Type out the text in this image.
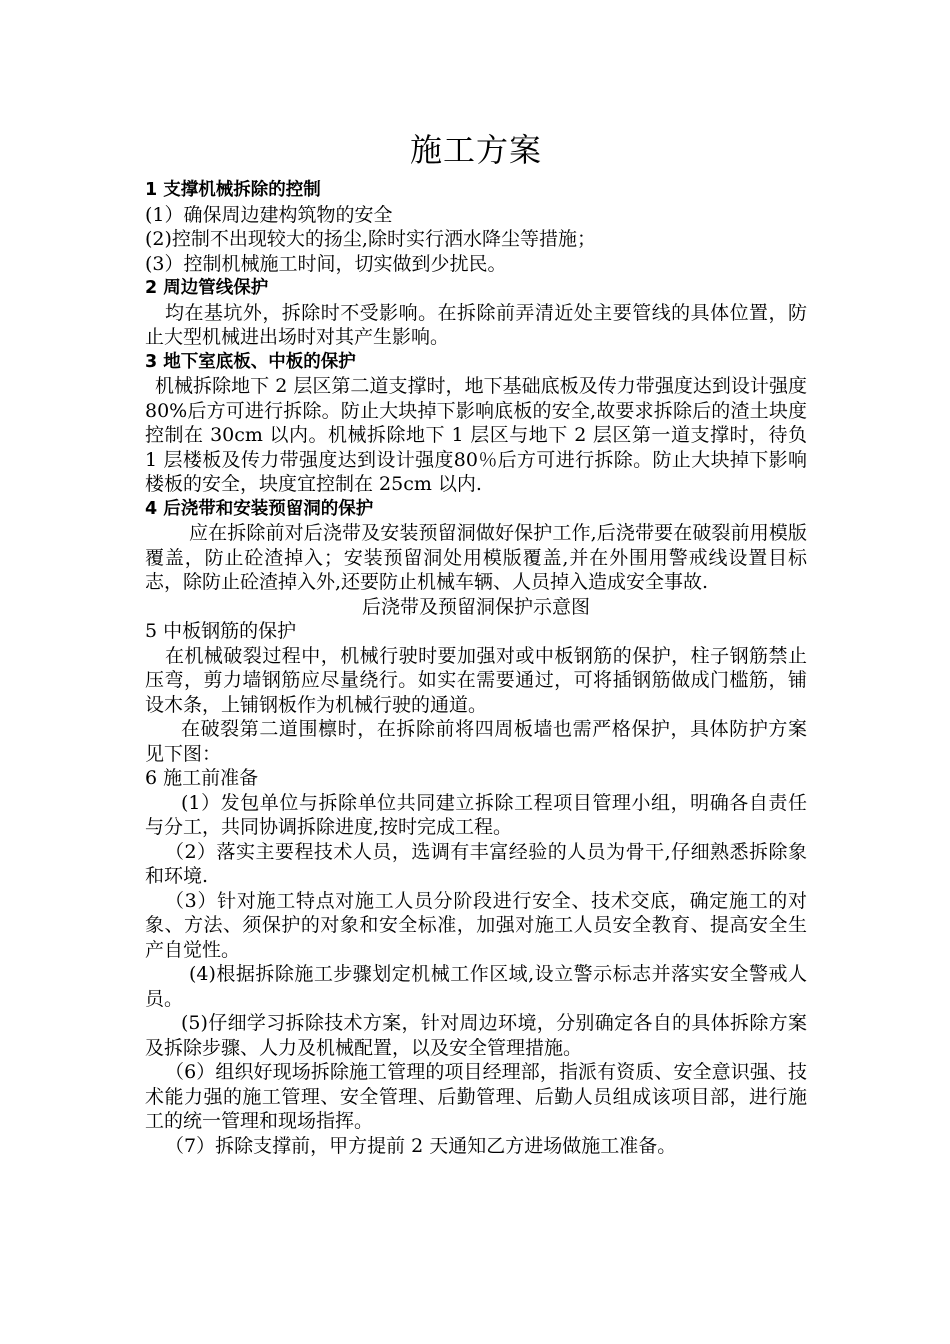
施工方案
1 支撑机械拆除的控制

(1）确保周边建构筑物的安全

(2)控制不出现较大的扬尘,除时实行洒水降尘等措施；

(3）控制机械施工时间，切实做到少扰民。

2 周边管线保护

均在基坑外，拆除时不受影响。在拆除前弄清近处主要管线的具体位置，防止大型机械进出场时对其产生影响。

3 地下室底板、中板的保护

机械拆除地下 2 层区第二道支撑时，地下基础底板及传力带强度达到设计强度 80%后方可进行拆除。防止大块掉下影响底板的安全,故要求拆除后的渣土块度控制在 30cm 以内。机械拆除地下 1 层区与地下 2 层区第一道支撑时，待负 1 层楼板及传力带强度达到设计强度80％后方可进行拆除。防止大块掉下影响楼板的安全，块度宜控制在 25cm 以内.

4 后浇带和安装预留洞的保护

应在拆除前对后浇带及安装预留洞做好保护工作,后浇带要在破裂前用模版覆盖，防止砼渣掉入；安装预留洞处用模版覆盖,并在外围用警戒线设置目标志，除防止砼渣掉入外,还要防止机械车辆、人员掉入造成安全事故.

后浇带及预留洞保护示意图

5 中板钢筋的保护

在机械破裂过程中，机械行驶时要加强对或中板钢筋的保护，柱子钢筋禁止压弯，剪力墙钢筋应尽量绕行。如实在需要通过，可将插钢筋做成门槛筋，铺设木条，上铺钢板作为机械行驶的通道。

在破裂第二道围檩时，在拆除前将四周板墙也需严格保护，具体防护方案见下图：

6 施工前准备

(1）发包单位与拆除单位共同建立拆除工程项目管理小组，明确各自责任与分工，共同协调拆除进度,按时完成工程。

（2）落实主要程技术人员，选调有丰富经验的人员为骨干,仔细熟悉拆除象和环境.

（3）针对施工特点对施工人员分阶段进行安全、技术交底，确定施工的对象、方法、须保护的对象和安全标准，加强对施工人员安全教育、提高安全生产自觉性。

(4)根据拆除施工步骤划定机械工作区域,设立警示标志并落实安全警戒人员。

(5)仔细学习拆除技术方案，针对周边环境，分别确定各自的具体拆除方案及拆除步骤、人力及机械配置，以及安全管理措施。

（6）组织好现场拆除施工管理的项目经理部，指派有资质、安全意识强、技术能力强的施工管理、安全管理、后勤管理、后勤人员组成该项目部，进行施工的统一管理和现场指挥。

（7）拆除支撑前，甲方提前 2 天通知乙方进场做施工准备。
